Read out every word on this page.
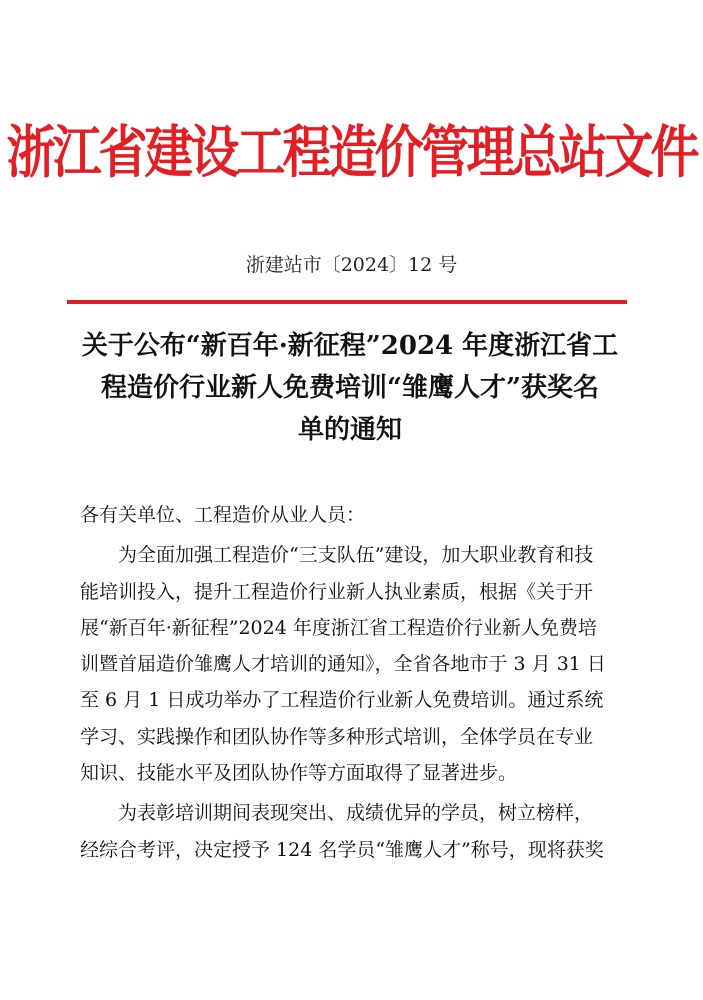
浙江省建设工程造价管理总站文件
浙建站市〔2024〕12 号
关于公布“新百年·新征程”2024 年度浙江省工
程造价行业新人免费培训“雏鹰人才”获奖名
单的通知
各有关单位、工程造价从业人员：
为全面加强工程造价“三支队伍”建设，加大职业教育和技
能培训投入，提升工程造价行业新人执业素质，根据《关于开
展“新百年·新征程”2024 年度浙江省工程造价行业新人免费培
训暨首届造价雏鹰人才培训的通知》，全省各地市于 3 月 31 日
至 6 月 1 日成功举办了工程造价行业新人免费培训。通过系统
学习、实践操作和团队协作等多种形式培训，全体学员在专业
知识、技能水平及团队协作等方面取得了显著进步。
为表彰培训期间表现突出、成绩优异的学员，树立榜样，
经综合考评，决定授予 124 名学员“雏鹰人才”称号，现将获奖
